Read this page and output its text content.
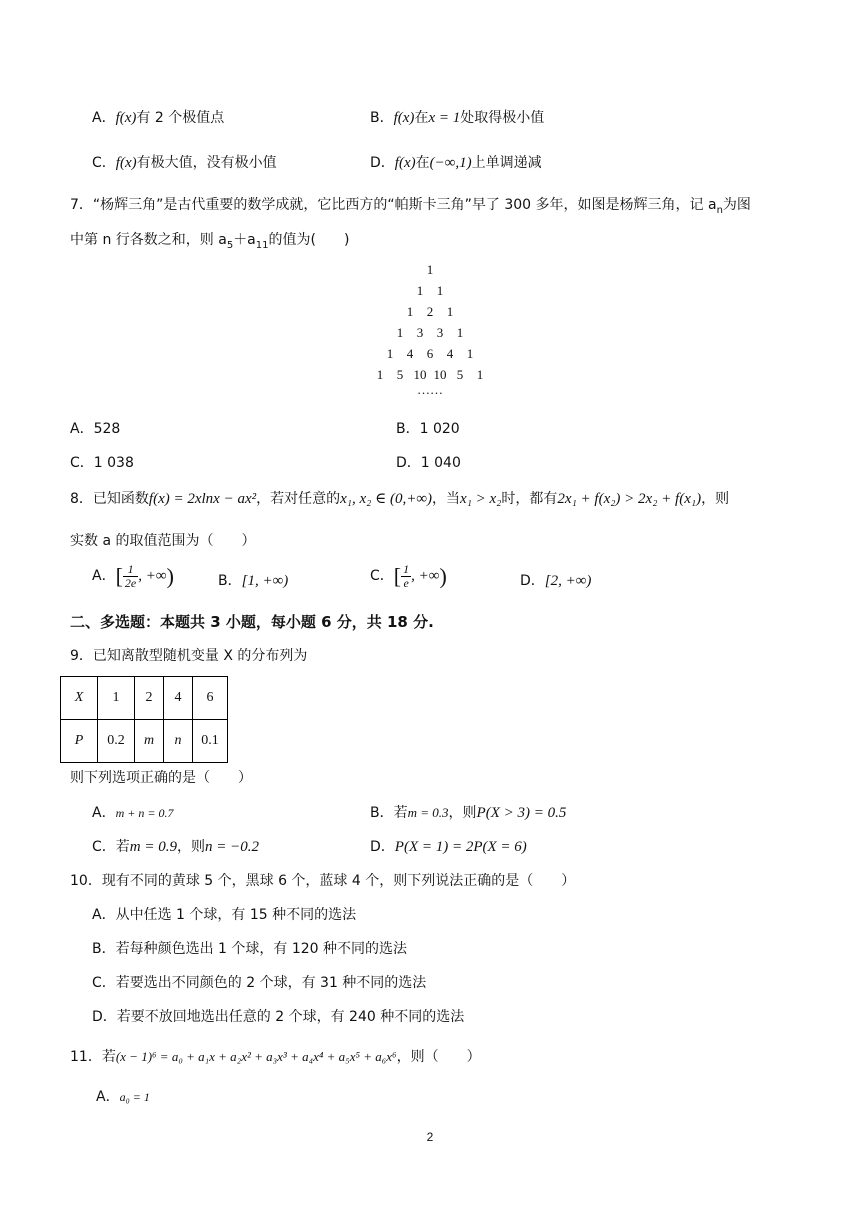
A．f(x)有 2 个极值点	B．f(x)在x = 1处取得极小值
C．f(x)有极大值，没有极小值	D．f(x)在(−∞,1)上单调递减
7．“杨辉三角”是古代重要的数学成就，它比西方的“帕斯卡三角”早了 300 多年，如图是杨辉三角，记 $a_n$为图
中第 n 行各数之和，则 $a_5+a_{11}$的值为(　　)
1
1 1
1 2 1
1 3 3 1
1 4 6 4 1
1 5 10 10 5 1
……
A．528	B．1 020
C．1 038	D．1 040
8．已知函数f(x) = 2xlnx − ax²，若对任意的x₁, x₂ ∈ (0,+∞)，当x₁ > x₂时，都有2x₁ + f(x₂) > 2x₂ + f(x₁)，则
实数 a 的取值范围为（　　）
A．[ $\frac{1}{2e}$ , +∞)	B．[1, +∞)	C．[ $\frac{1}{e}$ , +∞)	D．[2, +∞)
二、多选题：本题共 3 小题，每小题 6 分，共 18 分.
9．已知离散型随机变量 X 的分布列为
X	1	2	4	6
P	0.2	m	n	0.1
则下列选项正确的是（　　）
A．m + n = 0.7	B．若m = 0.3，则P(X > 3) = 0.5
C．若m = 0.9，则n = −0.2	D．P(X = 1) = 2P(X = 6)
10．现有不同的黄球 5 个，黑球 6 个，蓝球 4 个，则下列说法正确的是（　　）
A．从中任选 1 个球，有 15 种不同的选法
B．若每种颜色选出 1 个球，有 120 种不同的选法
C．若要选出不同颜色的 2 个球，有 31 种不同的选法
D．若要不放回地选出任意的 2 个球，有 240 种不同的选法
11．若(x − 1)⁶ = a₀ + a₁x + a₂x² + a₃x³ + a₄x⁴ + a₅x⁵ + a₆x⁶，则（　　）
A．a₀ = 1
2
